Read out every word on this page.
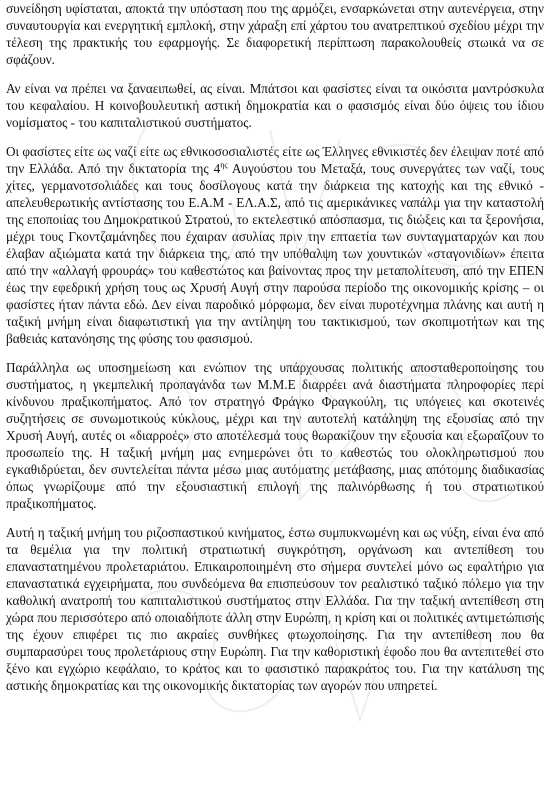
συνείδηση υφίσταται, αποκτά την υπόσταση που της αρμόζει, ενσαρκώνεται στην αυτενέργεια, στην συναυτουργία και ενεργητική εμπλοκή, στην χάραξη επί χάρτου του ανατρεπτικού σχεδίου μέχρι την τέλεση της πρακτικής του εφαρμογής. Σε διαφορετική περίπτωση παρακολουθείς στωικά να σε σφάζουν.

Αν είναι να πρέπει να ξαναειπωθεί, ας είναι. Μπάτσοι και φασίστες είναι τα οικόσιτα μαντρόσκυλα του κεφαλαίου. Η κοινοβουλευτική αστική δημοκρατία και ο φασισμός είναι δύο όψεις του ίδιου νομίσματος - του καπιταλιστικού συστήματος.

Οι φασίστες είτε ως ναζί είτε ως εθνικοσοσιαλιστές είτε ως Έλληνες εθνικιστές δεν έλειψαν ποτέ από την Ελλάδα. Από την δικτατορία της $4^{\eta\varsigma}$ Αυγούστου του Μεταξά, τους συνεργάτες των ναζί, τους χίτες, γερμανοτσολιάδες και τους δοσίλογους κατά την διάρκεια της κατοχής και της εθνικό - απελευθερωτικής αντίστασης του Ε.Α.Μ - ΕΛ.Α.Σ, από τις αμερικάνικες ναπάλμ για την καταστολή της εποποιίας του Δημοκρατικού Στρατού, το εκτελεστικό απόσπασμα, τις διώξεις και τα ξερονήσια, μέχρι τους Γκοντζαμάνηδες που έχαιραν ασυλίας πριν την επταετία των συνταγματαρχών και που έλαβαν αξιώματα κατά την διάρκεια της, από την υπόθαλψη των χουντικών «σταγονιδίων» έπειτα από την «αλλαγή φρουράς» του καθεστώτος και βαίνοντας προς την μεταπολίτευση, από την ΕΠΕΝ έως την εφεδρική χρήση τους ως Χρυσή Αυγή στην παρούσα περίοδο της οικονομικής κρίσης – οι φασίστες ήταν πάντα εδώ. Δεν είναι παροδικό μόρφωμα, δεν είναι πυροτέχνημα πλάνης και αυτή η ταξική μνήμη είναι διαφωτιστική για την αντίληψη του τακτικισμού, των σκοπιμοτήτων και της βαθειάς κατανόησης της φύσης του φασισμού.

Παράλληλα ως υποσημείωση και ενώπιον της υπάρχουσας πολιτικής αποσταθεροποίησης του συστήματος, η γκεμπελική προπαγάνδα των Μ.Μ.Ε διαρρέει ανά διαστήματα πληροφορίες περί κίνδυνου πραξικοπήματος. Από τον στρατηγό Φράγκο Φραγκούλη, τις υπόγειες και σκοτεινές συζητήσεις σε συνωμοτικούς κύκλους, μέχρι και την αυτοτελή κατάληψη της εξουσίας από την Χρυσή Αυγή, αυτές οι «διαρροές» στο αποτέλεσμά τους θωρακίζουν την εξουσία και εξωραΐζουν το προσωπείο της. Η ταξική μνήμη μας ενημερώνει ότι το καθεστώς του ολοκληρωτισμού που εγκαθιδρύεται, δεν συντελείται πάντα μέσω μιας αυτόματης μετάβασης, μιας απότομης διαδικασίας όπως γνωρίζουμε από την εξουσιαστική επιλογή της παλινόρθωσης ή του στρατιωτικού πραξικοπήματος.

Αυτή η ταξική μνήμη του ριζοσπαστικού κινήματος, έστω συμπυκνωμένη και ως νύξη, είναι ένα από τα θεμέλια για την πολιτική στρατιωτική συγκρότηση, οργάνωση και αντεπίθεση του επαναστατημένου προλεταριάτου. Επικαιροποιημένη στο σήμερα συντελεί μόνο ως εφαλτήριο για επαναστατικά εγχειρήματα, που συνδεόμενα θα επισπεύσουν τον ρεαλιστικό ταξικό πόλεμο για την καθολική ανατροπή του καπιταλιστικού συστήματος στην Ελλάδα. Για την ταξική αντεπίθεση στη χώρα που περισσότερο από οποιαδήποτε άλλη στην Ευρώπη, η κρίση και οι πολιτικές αντιμετώπισής της έχουν επιφέρει τις πιο ακραίες συνθήκες φτωχοποίησης. Για την αντεπίθεση που θα συμπαρασύρει τους προλετάριους στην Ευρώπη. Για την καθοριστική έφοδο που θα αντεπιτεθεί στο ξένο και εγχώριο κεφάλαιο, το κράτος και το φασιστικό παρακράτος του. Για την κατάλυση της αστικής δημοκρατίας και της οικονομικής δικτατορίας των αγορών που υπηρετεί.
